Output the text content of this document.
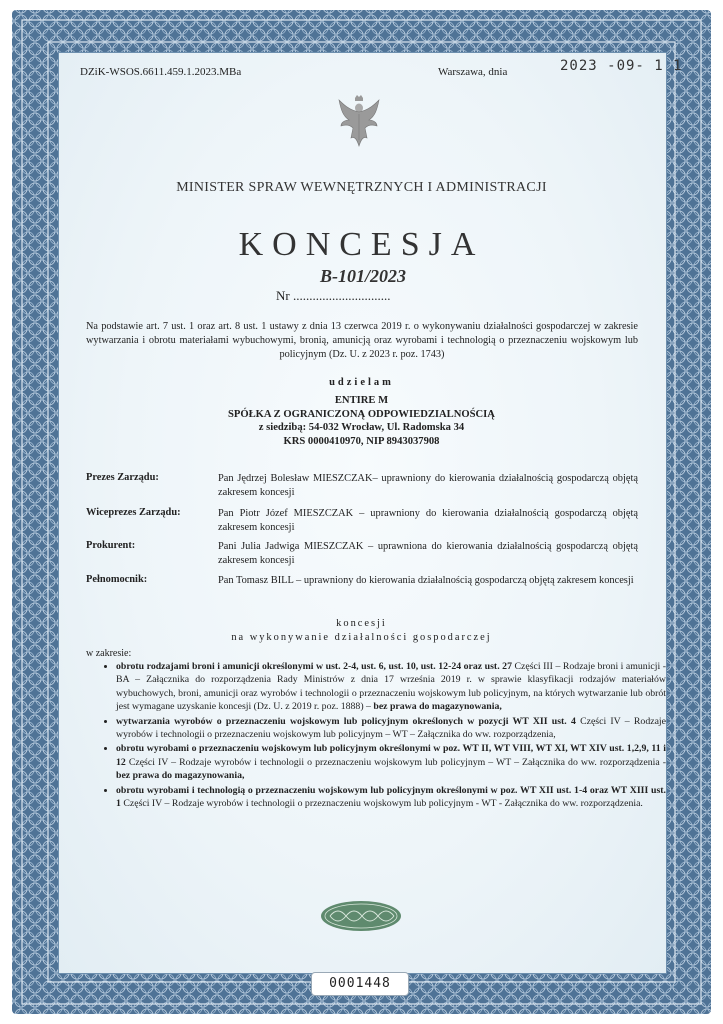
DZiK-WSOS.6611.459.1.2023.MBa	Warszawa, dnia	2023 -09- 1 1
MINISTER SPRAW WEWNĘTRZNYCH I ADMINISTRACJI
KONCESJA
B-101/2023
Nr ..............................
Na podstawie art. 7 ust. 1 oraz art. 8 ust. 1 ustawy z dnia 13 czerwca 2019 r. o wykonywaniu działalności gospodarczej w zakresie wytwarzania i obrotu materiałami wybuchowymi, bronią, amunicją oraz wyrobami i technologią o przeznaczeniu wojskowym lub policyjnym (Dz. U. z 2023 r. poz. 1743)
udzielam
ENTIRE M
SPÓŁKA Z OGRANICZONĄ ODPOWIEDZIALNOŚCIĄ
z siedzibą: 54-032 Wrocław, Ul. Radomska 34
KRS 0000410970, NIP 8943037908
Prezes Zarządu:	Pan Jędrzej Bolesław MIESZCZAK– uprawniony do kierowania działalnością gospodarczą objętą zakresem koncesji
Wiceprezes Zarządu:	Pan Piotr Józef MIESZCZAK – uprawniony do kierowania działalnością gospodarczą objętą zakresem koncesji
Prokurent:	Pani Julia Jadwiga MIESZCZAK – uprawniona do kierowania działalnością gospodarczą objętą zakresem koncesji
Pełnomocnik:	Pan Tomasz BILL – uprawniony do kierowania działalnością gospodarczą objętą zakresem koncesji
koncesji
na wykonywanie działalności gospodarczej
w zakresie:
• obrotu rodzajami broni i amunicji określonymi w ust. 2-4, ust. 6, ust. 10, ust. 12-24 oraz ust. 27 Części III – Rodzaje broni i amunicji - BA – Załącznika do rozporządzenia Rady Ministrów z dnia 17 września 2019 r. w sprawie klasyfikacji rodzajów materiałów wybuchowych, broni, amunicji oraz wyrobów i technologii o przeznaczeniu wojskowym lub policyjnym, na których wytwarzanie lub obrót jest wymagane uzyskanie koncesji (Dz. U. z 2019 r. poz. 1888) – bez prawa do magazynowania,
• wytwarzania wyrobów o przeznaczeniu wojskowym lub policyjnym określonych w pozycji WT XII ust. 4 Części IV – Rodzaje wyrobów i technologii o przeznaczeniu wojskowym lub policyjnym – WT – Załącznika do ww. rozporządzenia,
• obrotu wyrobami o przeznaczeniu wojskowym lub policyjnym określonymi w poz. WT II, WT VIII, WT XI, WT XIV ust. 1,2,9, 11 i 12 Części IV – Rodzaje wyrobów i technologii o przeznaczeniu wojskowym lub policyjnym – WT – Załącznika do ww. rozporządzenia - bez prawa do magazynowania,
• obrotu wyrobami i technologią o przeznaczeniu wojskowym lub policyjnym określonymi w poz. WT XII ust. 1-4 oraz WT XIII ust. 1 Części IV – Rodzaje wyrobów i technologii o przeznaczeniu wojskowym lub policyjnym - WT - Załącznika do ww. rozporządzenia.
0001448
